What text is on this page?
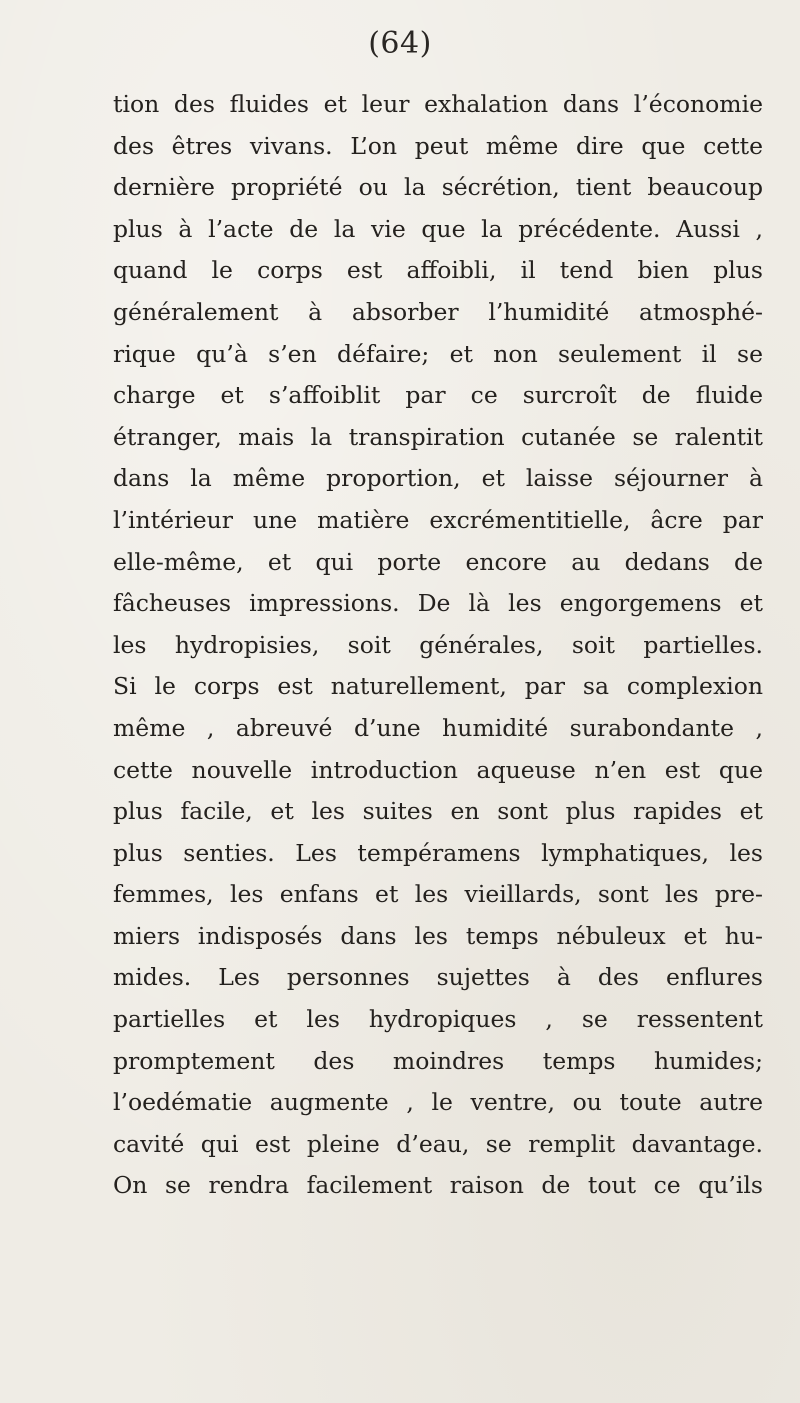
(64)
tion des fluides et leur exhalation dans l’économie
des êtres vivans. L’on peut même dire que cette
dernière propriété ou la sécrétion, tient beaucoup
plus à l’acte de la vie que la précédente. Aussi ,
quand le corps est affoibli, il tend bien plus
généralement à absorber l’humidité atmosphé-
rique qu’à s’en défaire; et non seulement il se
charge et s’affoiblit par ce surcroît de fluide
étranger, mais la transpiration cutanée se ralentit
dans la même proportion, et laisse séjourner à
l’intérieur une matière excrémentitielle, âcre par
elle-même, et qui porte encore au dedans de
fâcheuses impressions. De là les engorgemens et
les hydropisies, soit générales, soit partielles.
Si le corps est naturellement, par sa complexion
même , abreuvé d’une humidité surabondante ,
cette nouvelle introduction aqueuse n’en est que
plus facile, et les suites en sont plus rapides et
plus senties. Les tempéramens lymphatiques, les
femmes, les enfans et les vieillards, sont les pre-
miers indisposés dans les temps nébuleux et hu-
mides. Les personnes sujettes à des enflures
partielles et les hydropiques , se ressentent
promptement des moindres temps humides;
l’oedématie augmente , le ventre, ou toute autre
cavité qui est pleine d’eau, se remplit davantage.
On se rendra facilement raison de tout ce qu’ils
